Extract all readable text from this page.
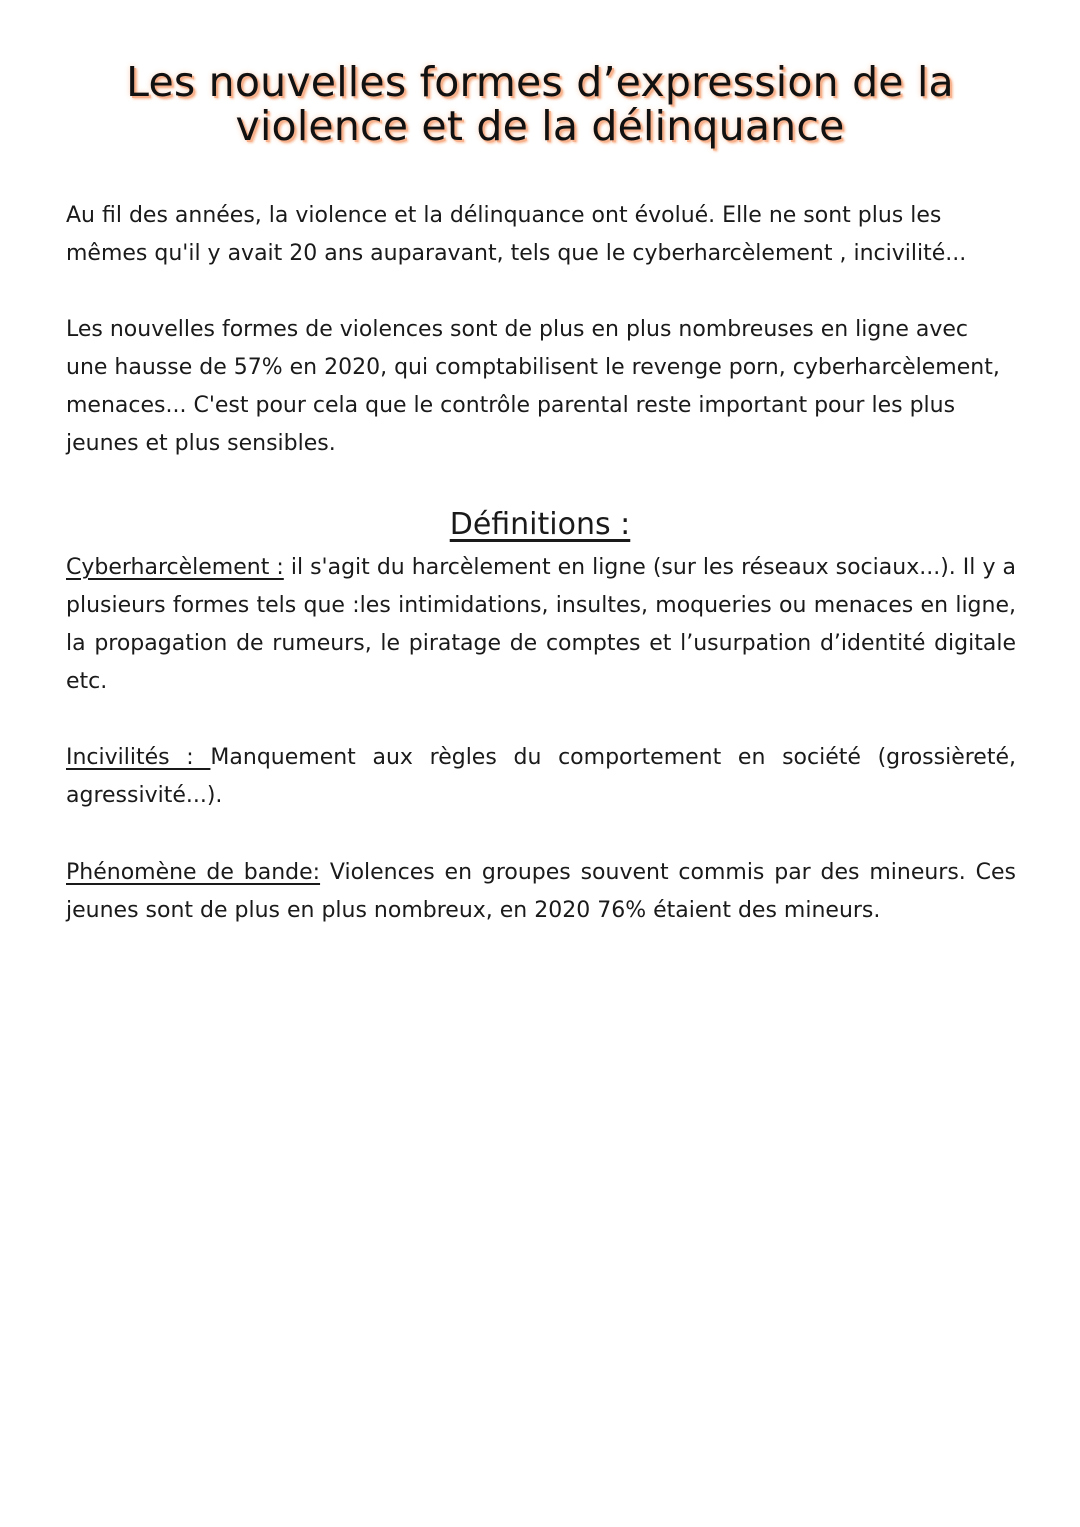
Les nouvelles formes d’expression de la
violence et de la délinquance

Au fil des années, la violence et la délinquance ont évolué. Elle ne sont plus les mêmes qu'il y avait 20 ans auparavant, tels que le cyberharcèlement , incivilité...

Les nouvelles formes de violences sont de plus en plus nombreuses en ligne avec une hausse de 57% en 2020, qui comptabilisent le revenge porn, cyberharcèlement, menaces... C'est pour cela que le contrôle parental reste important pour les plus jeunes et plus sensibles.

Définitions :

Cyberharcèlement : il s'agit du harcèlement en ligne (sur les réseaux sociaux...). Il y a plusieurs formes tels que :les intimidations, insultes, moqueries ou menaces en ligne, la propagation de rumeurs, le piratage de comptes et l’usurpation d’identité digitale etc.

Incivilités : Manquement aux règles du comportement en société (grossièreté, agressivité...).

Phénomène de bande: Violences en groupes souvent commis par des mineurs. Ces jeunes sont de plus en plus nombreux, en 2020 76% étaient des mineurs.
